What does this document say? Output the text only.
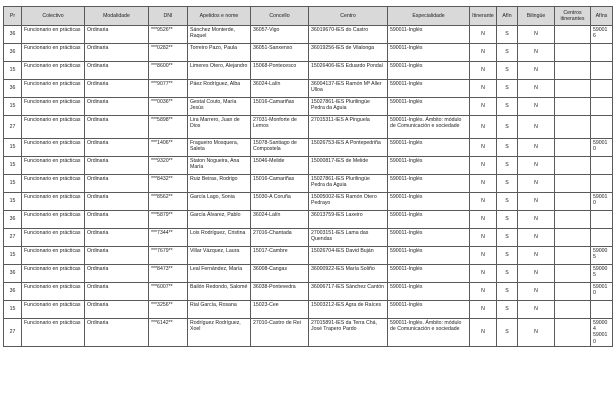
Pr	Colectivo	Modalidade	DNI	Apelidos e nome	Concello	Centro	Especialidade	Itinerante	Afín	Bilingüe	Centros itinerantes	Afíns
36	Funcionario en prácticas	Ordinaria	***9526**	Sánchez Monterde, Raquel	36057-Vigo	36019670-IES do Castro	590011-Inglés	N	S	N		590016
36	Funcionario en prácticas	Ordinaria	***0282**	Torreiro Pazo, Paula	36051-Sanxenxo	36019256-IES de Vilalonga	590011-Inglés	N	S	N		
15	Funcionario en prácticas	Ordinaria	***8600**	Limeres Otero, Alejandro	15068-Pontecesco	15026406-IES Eduardo Pondal	590011-Inglés	N	S	N		
36	Funcionario en prácticas	Ordinaria	***9077**	Páez Rodríguez, Alba	36024-Lalín	36004137-IES Ramón Mª Aller Ulloa	590011-Inglés	N	S	N		
15	Funcionario en prácticas	Ordinaria	***0036**	Gestal Couto, María Jesús	15016-Camariñas	15027861-IES Plurilingüe Pedra da Aguia	590011-Inglés	N	S	N		
27	Funcionario en prácticas	Ordinaria	***5898**	Lira Marrero, Juan de Dios	27031-Monforte de Lemos	27015311-IES A Pinguela	590011-Inglés. Ámbito: módulo de Comunicación e sociedade	N	S	N		
15	Funcionario en prácticas	Ordinaria	***1406**	Fragueiro Mosquera, Saleta	15078-Santiago de Compostela	15026753-IES A Pontepedriña	590011-Inglés	N	S	N		590010
15	Funcionario en prácticas	Ordinaria	***9320**	Staton Nogueira, Ana María	15046-Melide	15000817-IES de Melide	590011-Inglés	N	S	N		
15	Funcionario en prácticas	Ordinaria	***8432**	Ruiz Beiras, Rodrigo	15016-Camariñas	15027861-IES Plurilingüe Pedra da Aguia	590011-Inglés	N	S	N		
15	Funcionario en prácticas	Ordinaria	***8562**	García Lago, Sonia	15030-A Coruña	15005002-IES Ramón Otero Pedrayo	590011-Inglés	N	S	N		590010
36	Funcionario en prácticas	Ordinaria	***5879**	García Álvarez, Pablo	36024-Lalín	36013759-IES Laxeiro	590011-Inglés	N	S	N		
27	Funcionario en prácticas	Ordinaria	***7344**	Lois Rodríguez, Cristina	27016-Chantada	27003151-IES Lama das Quendas	590011-Inglés	N	S	N		
15	Funcionario en prácticas	Ordinaria	***7679**	Villar Vázquez, Laura	15017-Cambre	15026704-IES David Buján	590011-Inglés	N	S	N		590005
36	Funcionario en prácticas	Ordinaria	***8473**	Leal Fernández, María	36008-Cangas	36000922-IES María Soliño	590011-Inglés	N	S	N		590005
36	Funcionario en prácticas	Ordinaria	***6007**	Bailón Redondo, Salomé	36038-Pontevedra	36006717-IES Sánchez Cantón	590011-Inglés	N	S	N		590010
15	Funcionario en prácticas	Ordinaria	***3256**	Rial García, Rosana	15023-Cee	15003212-IES Agra de Raíces	590011-Inglés	N	S	N		
27	Funcionario en prácticas	Ordinaria	***6142**	Rodríguez Rodríguez, Xoel	27010-Castro de Rei	27015891-IES da Terra Chá, José Trapero Pardo	590011-Inglés. Ámbito: módulo de Comunicación e sociedade	N	S	N		590004 590010
